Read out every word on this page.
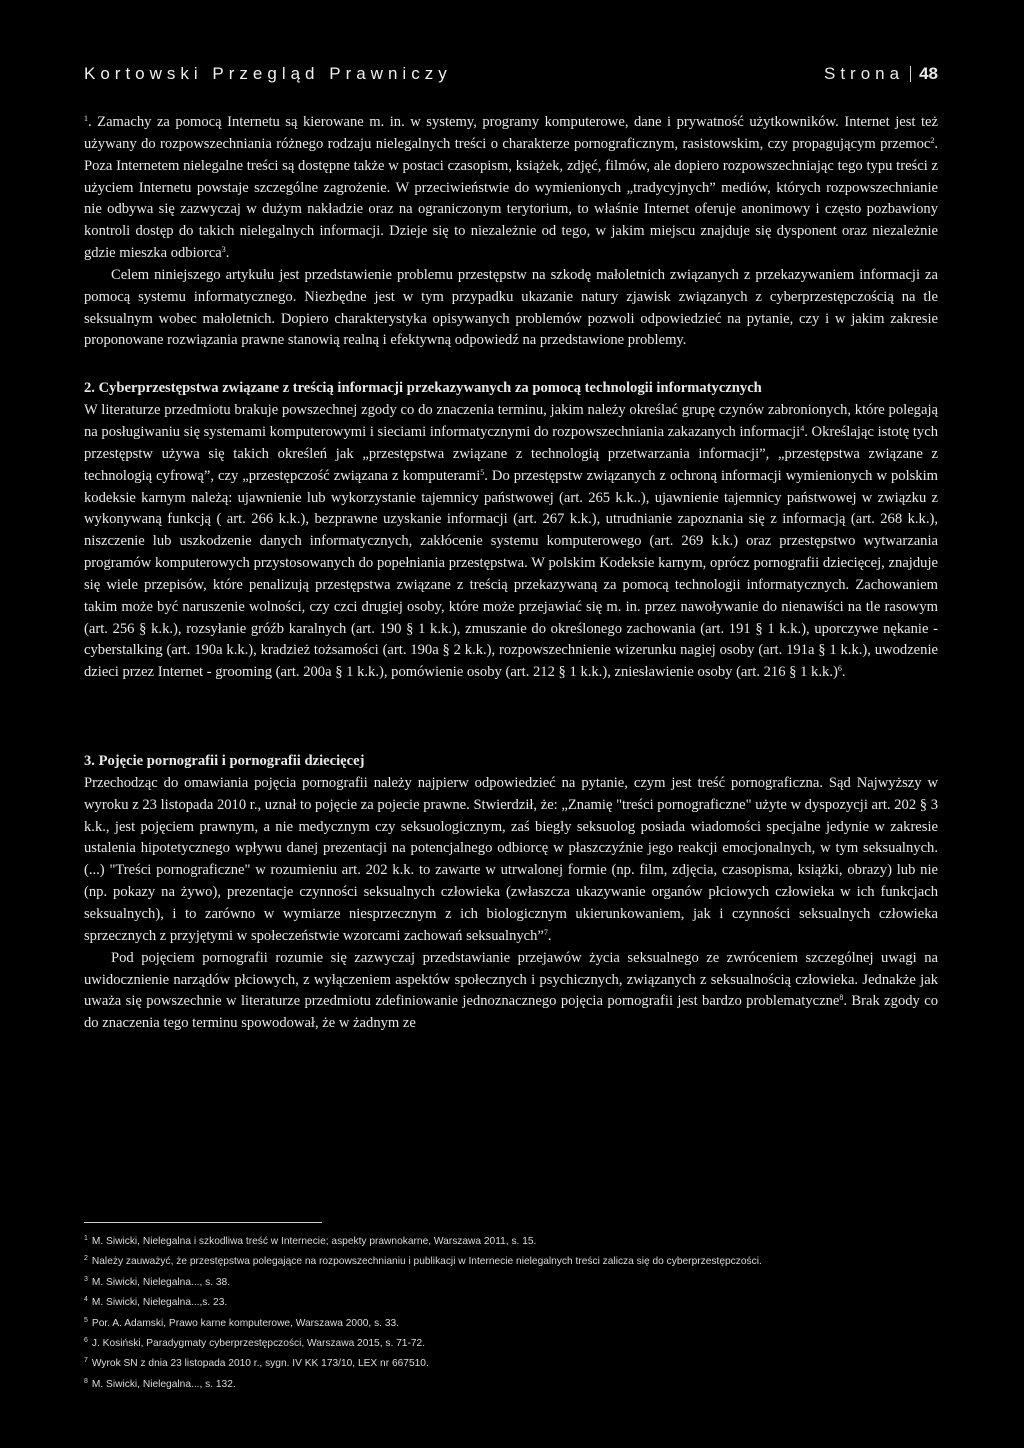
Kortowski Przegląd Prawniczy	Strona 48

$^1$. Zamachy za pomocą Internetu są kierowane m. in. w systemy, programy komputerowe, dane i prywatność użytkowników. Internet jest też używany do rozpowszechniania różnego rodzaju nielegalnych treści o charakterze pornograficznym, rasistowskim, czy propagującym przemoc$^2$. Poza Internetem nielegalne treści są dostępne także w postaci czasopism, książek, zdjęć, filmów, ale dopiero rozpowszechniając tego typu treści z użyciem Internetu powstaje szczególne zagrożenie. W przeciwieństwie do wymienionych „tradycyjnych” mediów, których rozpowszechnianie nie odbywa się zazwyczaj w dużym nakładzie oraz na ograniczonym terytorium, to właśnie Internet oferuje anonimowy i często pozbawiony kontroli dostęp do takich nielegalnych informacji. Dzieje się to niezależnie od tego, w jakim miejscu znajduje się dysponent oraz niezależnie gdzie mieszka odbiorca$^3$.

Celem niniejszego artykułu jest przedstawienie problemu przestępstw na szkodę małoletnich związanych z przekazywaniem informacji za pomocą systemu informatycznego. Niezbędne jest w tym przypadku ukazanie natury zjawisk związanych z cyberprzestępczością na tle seksualnym wobec małoletnich. Dopiero charakterystyka opisywanych problemów pozwoli odpowiedzieć na pytanie, czy i w jakim zakresie proponowane rozwiązania prawne stanowią realną i efektywną odpowiedź na przedstawione problemy.

2. Cyberprzestępstwa związane z treścią informacji przekazywanych za pomocą technologii informatycznych

W literaturze przedmiotu brakuje powszechnej zgody co do znaczenia terminu, jakim należy określać grupę czynów zabronionych, które polegają na posługiwaniu się systemami komputerowymi i sieciami informatycznymi do rozpowszechniania zakazanych informacji$^4$. Określając istotę tych przestępstw używa się takich określeń jak „przestępstwa związane z technologią przetwarzania informacji”, „przestępstwa związane z technologią cyfrową”, czy „przestępczość związana z komputerami$^5$. Do przestępstw związanych z ochroną informacji wymienionych w polskim kodeksie karnym należą: ujawnienie lub wykorzystanie tajemnicy państwowej (art. 265 k.k..), ujawnienie tajemnicy państwowej w związku z wykonywaną funkcją ( art. 266 k.k.), bezprawne uzyskanie informacji (art. 267 k.k.), utrudnianie zapoznania się z informacją (art. 268 k.k.), niszczenie lub uszkodzenie danych informatycznych, zakłócenie systemu komputerowego (art. 269 k.k.) oraz przestępstwo wytwarzania programów komputerowych przystosowanych do popełniania przestępstwa. W polskim Kodeksie karnym, oprócz pornografii dziecięcej, znajduje się wiele przepisów, które penalizują przestępstwa związane z treścią przekazywaną za pomocą technologii informatycznych. Zachowaniem takim może być naruszenie wolności, czy czci drugiej osoby, które może przejawiać się m. in. przez nawoływanie do nienawiści na tle rasowym (art. 256 § k.k.), rozsyłanie gróźb karalnych (art. 190 § 1 k.k.), zmuszanie do określonego zachowania (art. 191 § 1 k.k.), uporczywe nękanie - cyberstalking (art. 190a k.k.), kradzież tożsamości (art. 190a § 2 k.k.), rozpowszechnienie wizerunku nagiej osoby (art. 191a § 1 k.k.), uwodzenie dzieci przez Internet - grooming (art. 200a § 1 k.k.), pomówienie osoby (art. 212 § 1 k.k.), zniesławienie osoby (art. 216 § 1 k.k.)$^6$.

3. Pojęcie pornografii i pornografii dziecięcej

Przechodząc do omawiania pojęcia pornografii należy najpierw odpowiedzieć na pytanie, czym jest treść pornograficzna. Sąd Najwyższy w wyroku z 23 listopada 2010 r., uznał to pojęcie za pojecie prawne. Stwierdził, że: „Znamię "treści pornograficzne" użyte w dyspozycji art. 202 § 3 k.k., jest pojęciem prawnym, a nie medycznym czy seksuologicznym, zaś biegły seksuolog posiada wiadomości specjalne jedynie w zakresie ustalenia hipotetycznego wpływu danej prezentacji na potencjalnego odbiorcę w płaszczyźnie jego reakcji emocjonalnych, w tym seksualnych. (...) "Treści pornograficzne" w rozumieniu art. 202 k.k. to zawarte w utrwalonej formie (np. film, zdjęcia, czasopisma, książki, obrazy) lub nie (np. pokazy na żywo), prezentacje czynności seksualnych człowieka (zwłaszcza ukazywanie organów płciowych człowieka w ich funkcjach seksualnych), i to zarówno w wymiarze niesprzecznym z ich biologicznym ukierunkowaniem, jak i czynności seksualnych człowieka sprzecznych z przyjętymi w społeczeństwie wzorcami zachowań seksualnych”$^7$.

Pod pojęciem pornografii rozumie się zazwyczaj przedstawianie przejawów życia seksualnego ze zwróceniem szczególnej uwagi na uwidocznienie narządów płciowych, z wyłączeniem aspektów społecznych i psychicznych, związanych z seksualnością człowieka. Jednakże jak uważa się powszechnie w literaturze przedmiotu zdefiniowanie jednoznacznego pojęcia pornografii jest bardzo problematyczne$^8$. Brak zgody co do znaczenia tego terminu spowodował, że w żadnym ze

$^1$ M. Siwicki, Nielegalna i szkodliwa treść w Internecie; aspekty prawnokarne, Warszawa 2011, s. 15.
$^2$ Należy zauważyć, że przestępstwa polegające na rozpowszechnianiu i publikacji w Internecie nielegalnych treści zalicza się do cyberprzestępczości.
$^3$ M. Siwicki, Nielegalna..., s. 38.
$^4$ M. Siwicki, Nielegalna...,s. 23.
$^5$ Por. A. Adamski, Prawo karne komputerowe, Warszawa 2000, s. 33.
$^6$ J. Kosiński, Paradygmaty cyberprzestępczości, Warszawa 2015, s. 71-72.
$^7$ Wyrok SN z dnia 23 listopada 2010 r., sygn. IV KK 173/10, LEX nr 667510.
$^8$ M. Siwicki, Nielegalna..., s. 132.
